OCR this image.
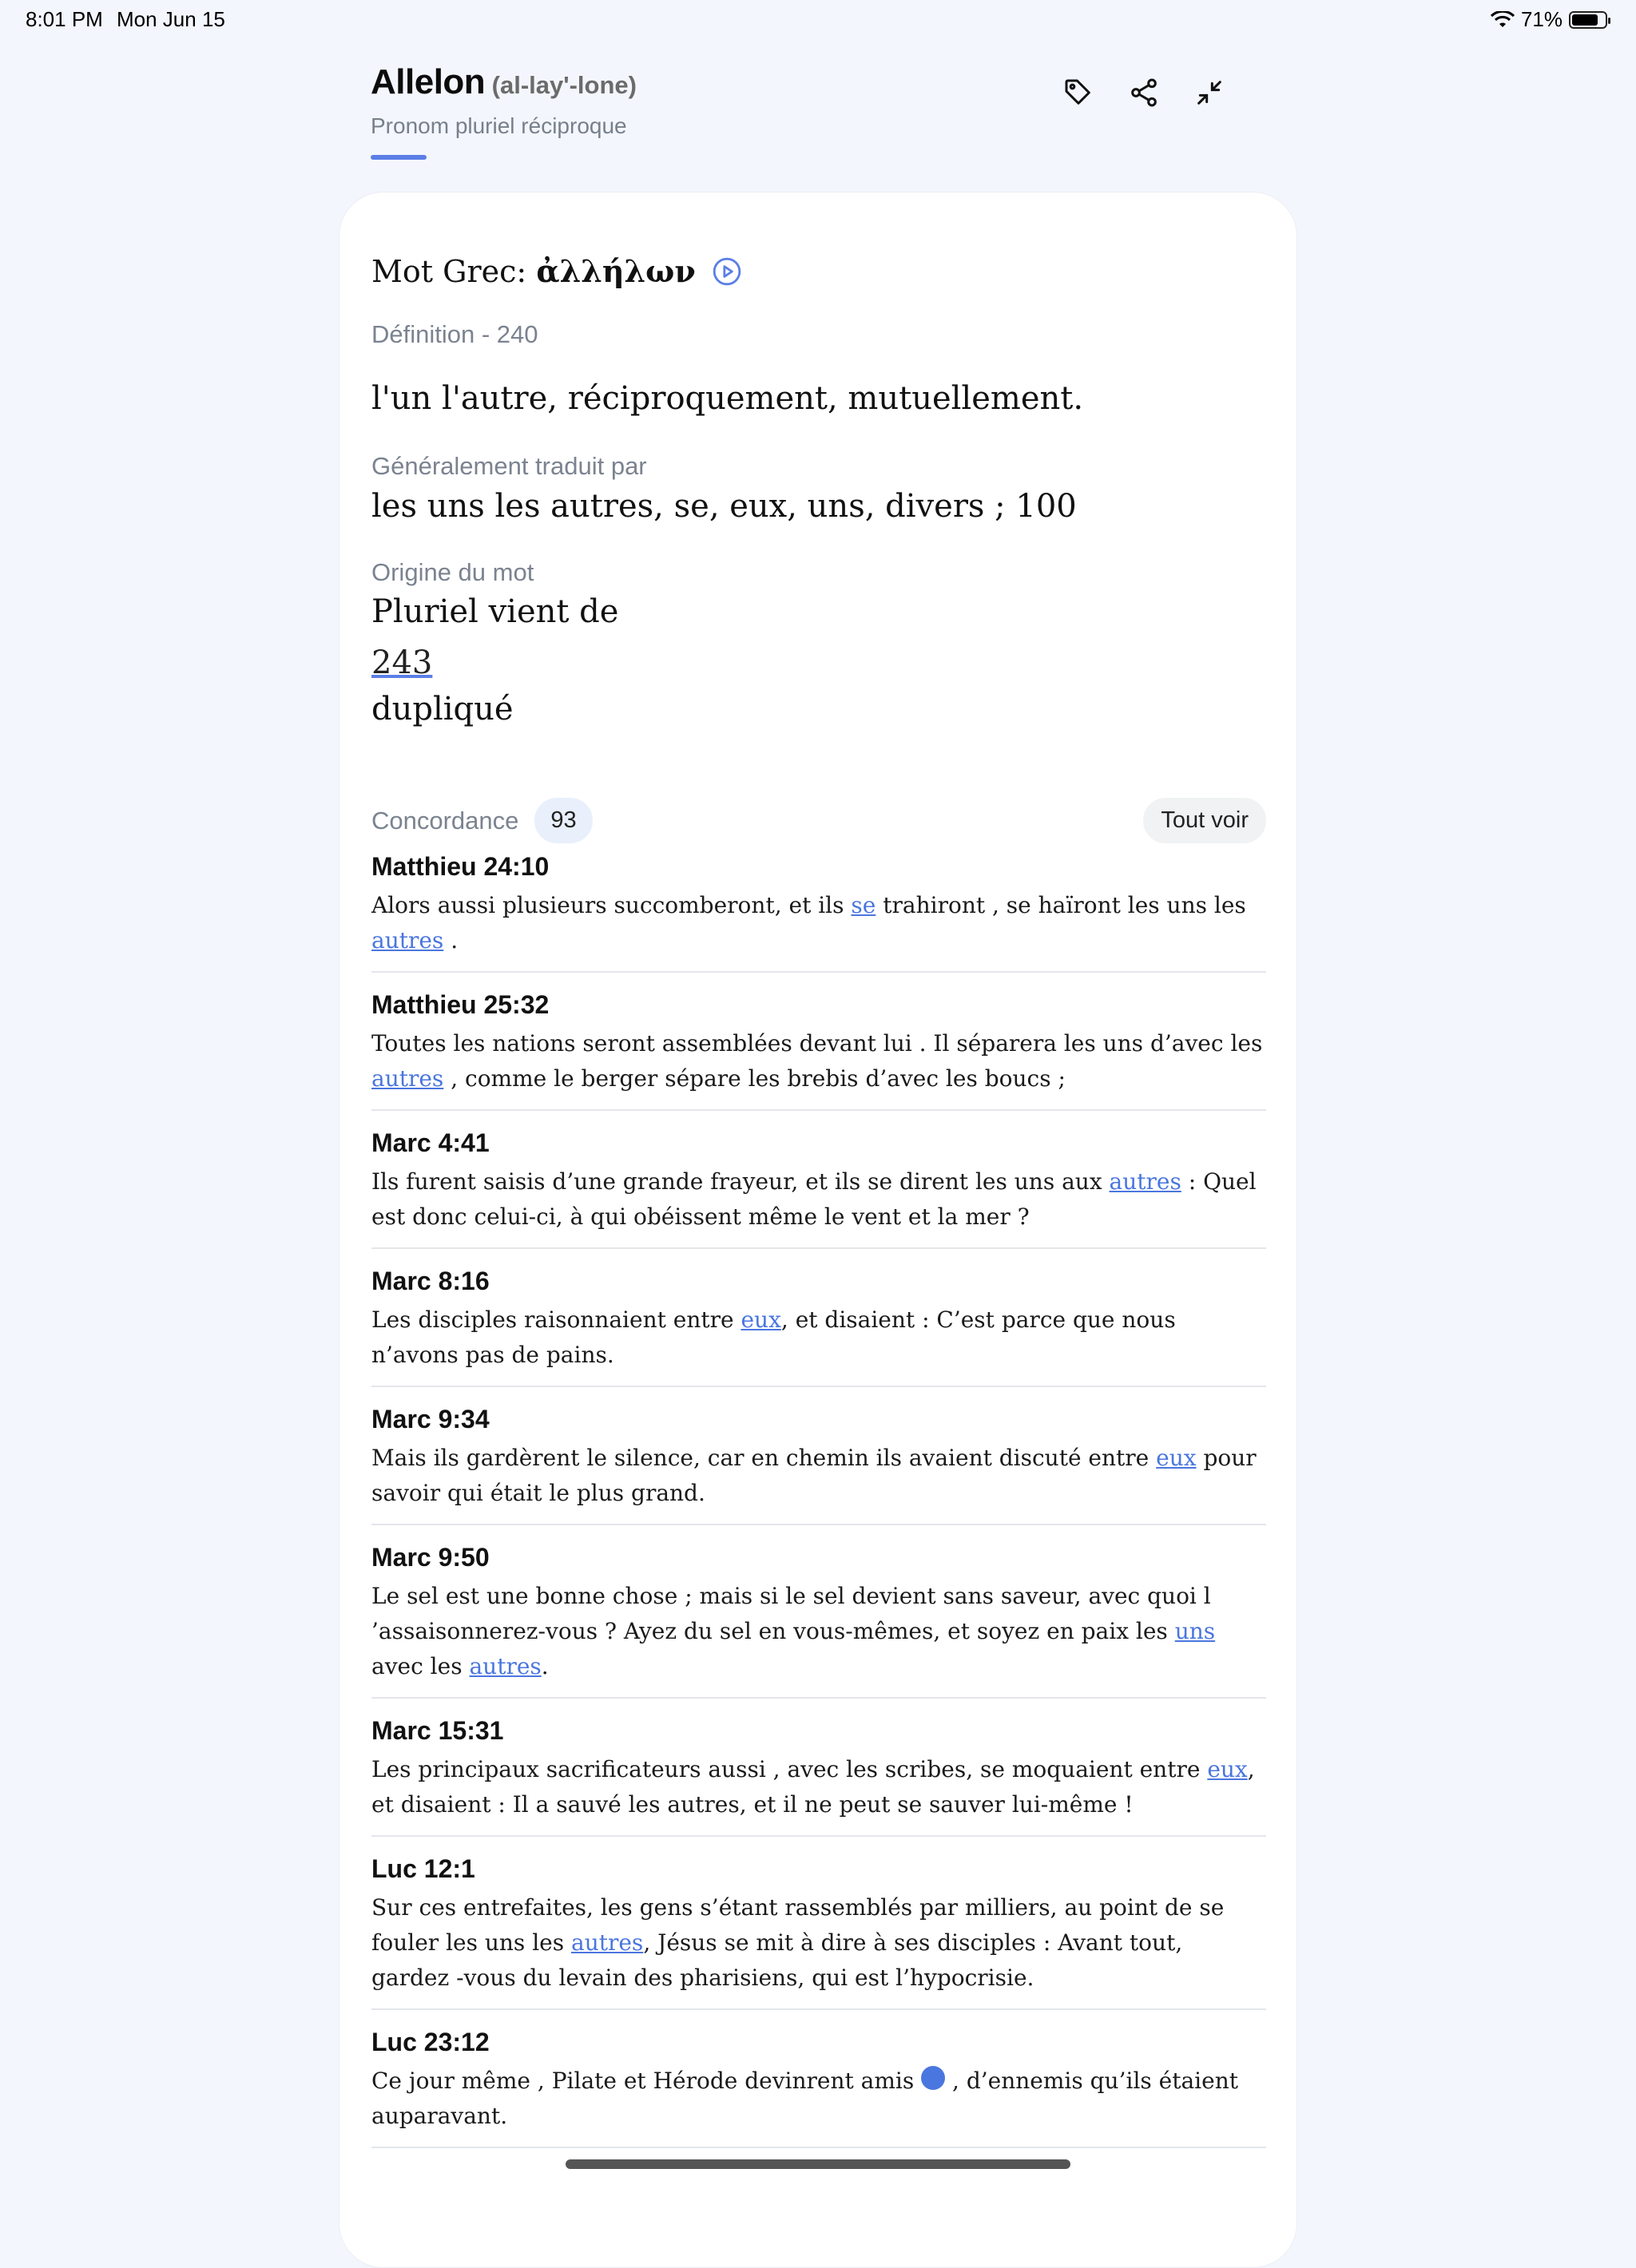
8:01 PM Mon Jun 15	71%
Allelon (al-lay'-lone)
Pronom pluriel réciproque
Mot Grec: ἀλλήλων
Définition - 240
l'un l'autre, réciproquement, mutuellement.
Généralement traduit par
les uns les autres, se, eux, uns, divers ; 100
Origine du mot
Pluriel vient de
243
dupliqué
Concordance	93	Tout voir
Matthieu 24:10
Alors aussi plusieurs succomberont, et ils se trahiront , se haïront les uns les autres .
Matthieu 25:32
Toutes les nations seront assemblées devant lui . Il séparera les uns d’avec les autres , comme le berger sépare les brebis d’avec les boucs ;
Marc 4:41
Ils furent saisis d’une grande frayeur, et ils se dirent les uns aux autres : Quel est donc celui-ci, à qui obéissent même le vent et la mer ?
Marc 8:16
Les disciples raisonnaient entre eux, et disaient : C’est parce que nous n’avons pas de pains.
Marc 9:34
Mais ils gardèrent le silence, car en chemin ils avaient discuté entre eux pour savoir qui était le plus grand.
Marc 9:50
Le sel est une bonne chose ; mais si le sel devient sans saveur, avec quoi l ’assaisonnerez-vous ? Ayez du sel en vous-mêmes, et soyez en paix les uns avec les autres.
Marc 15:31
Les principaux sacrificateurs aussi , avec les scribes, se moquaient entre eux, et disaient : Il a sauvé les autres, et il ne peut se sauver lui-même !
Luc 12:1
Sur ces entrefaites, les gens s’étant rassemblés par milliers, au point de se fouler les uns les autres, Jésus se mit à dire à ses disciples : Avant tout, gardez -vous du levain des pharisiens, qui est l’hypocrisie.
Luc 23:12
Ce jour même , Pilate et Hérode devinrent amis  , d’ennemis qu’ils étaient auparavant.
